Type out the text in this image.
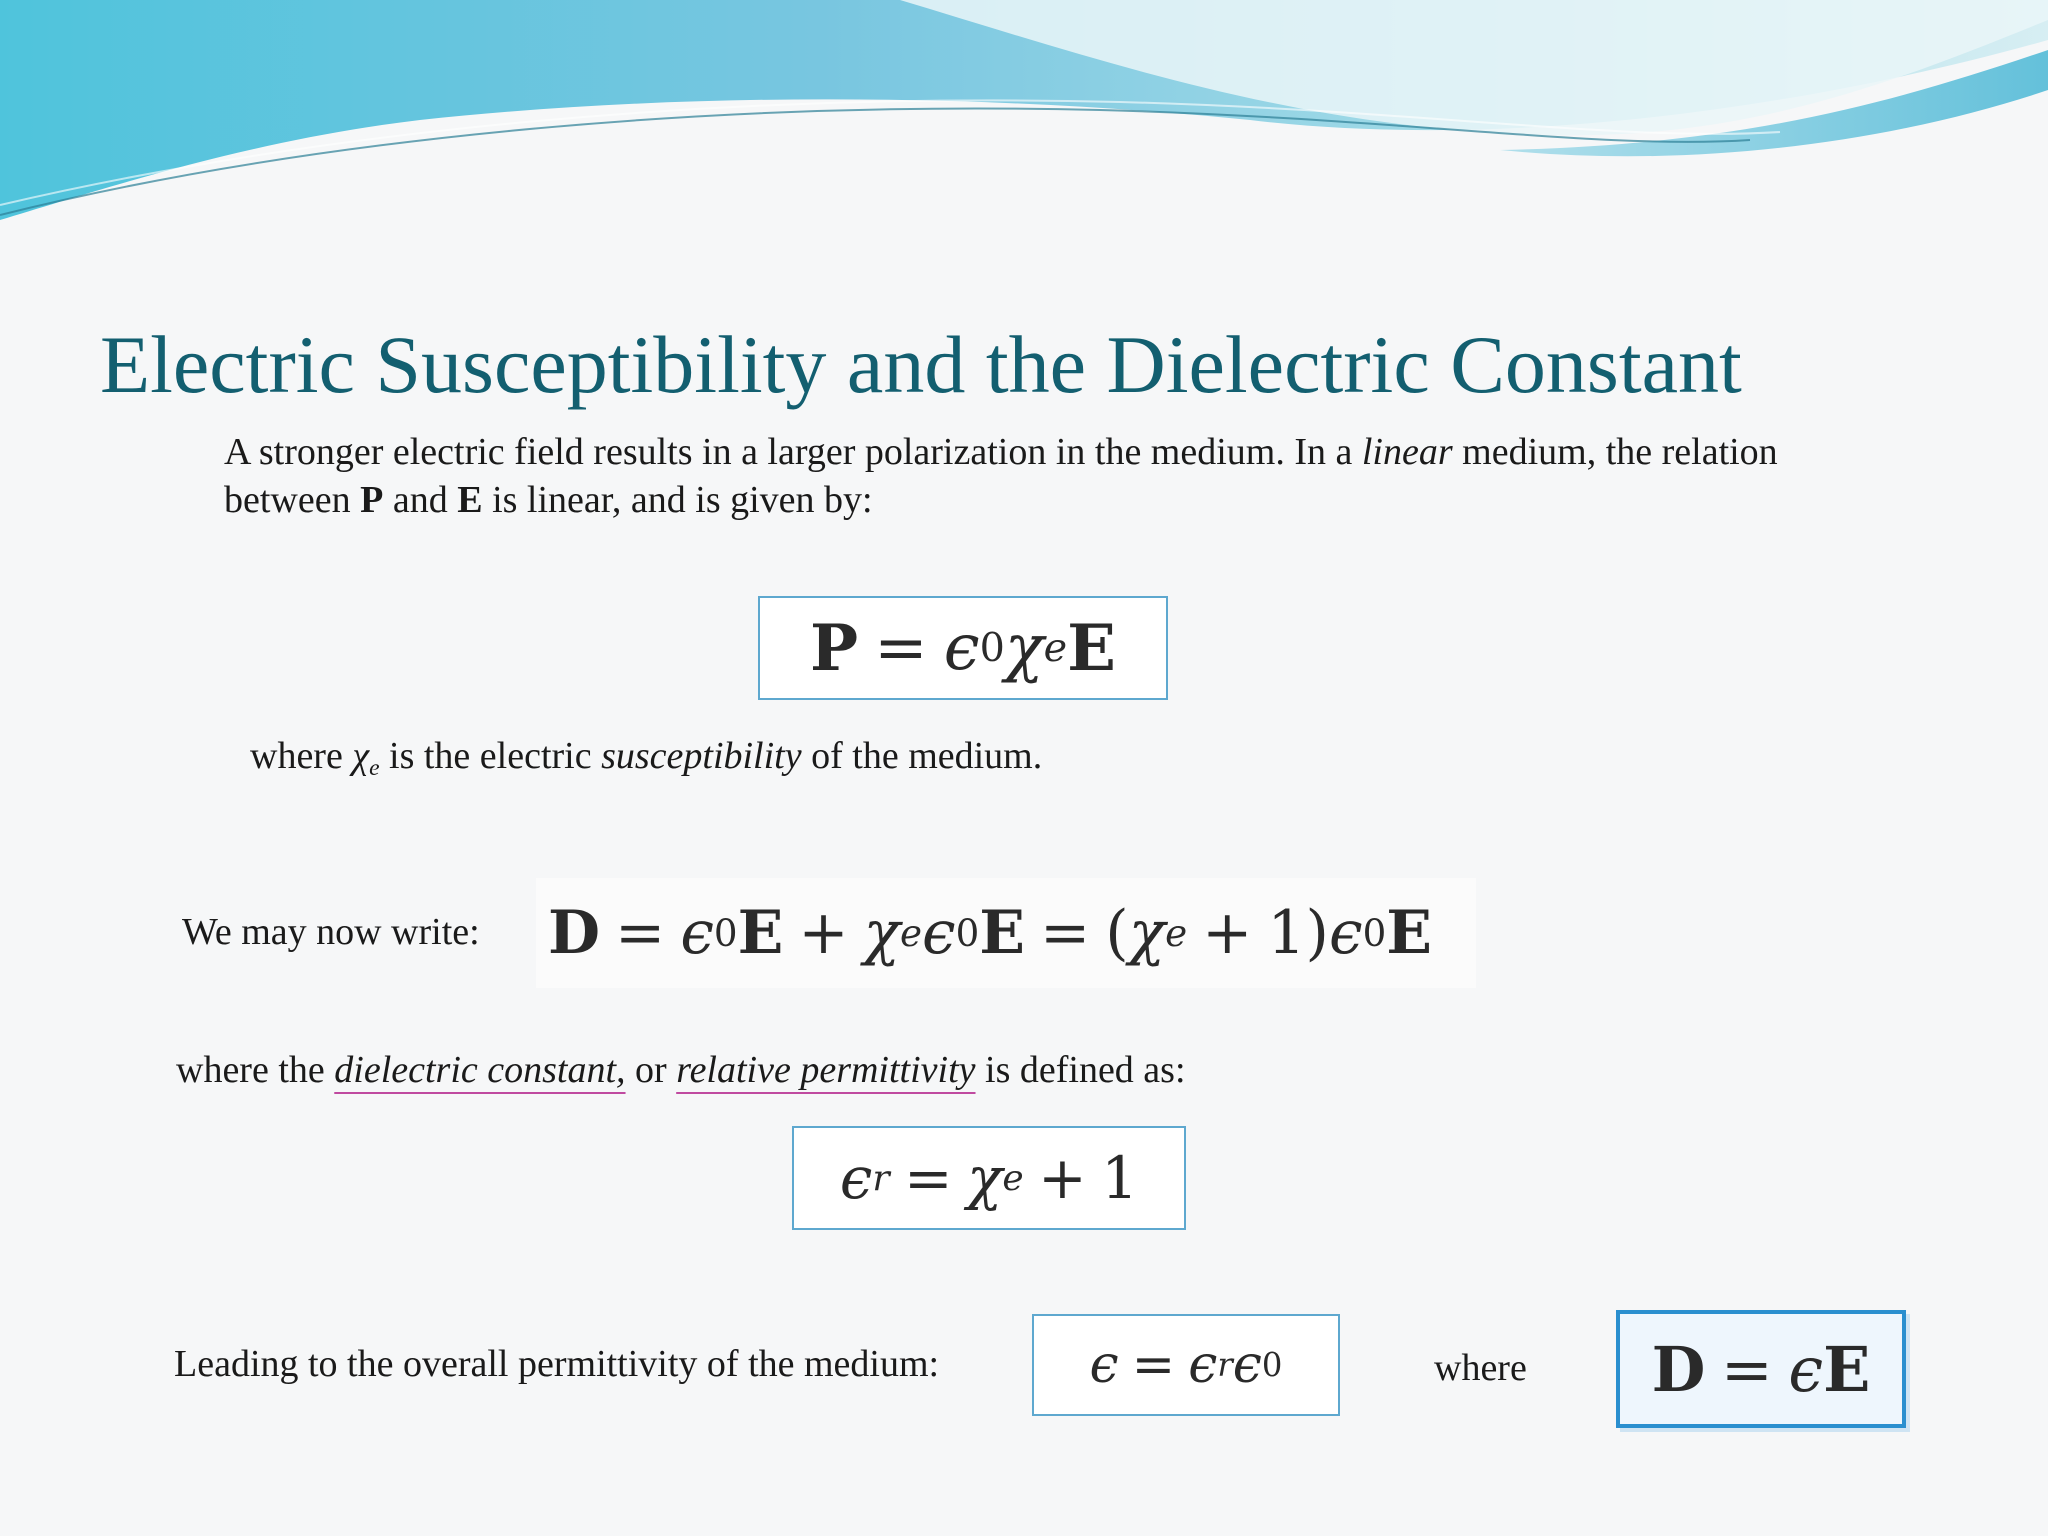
Electric Susceptibility and the Dielectric Constant
A stronger electric field results in a larger polarization in the medium. In a linear medium, the relation
between P and E is linear, and is given by:
P = ϵ 0 χ e E
where $\chi_e$ is the electric susceptibility of the medium.
We may now write: D = ϵ 0 E + χ e ϵ 0 E = ( χ e + 1 ) ϵ 0 E
where the dielectric constant, or relative permittivity is defined as:
ϵ r = χ e + 1
Leading to the overall permittivity of the medium:	ϵ = ϵ r ϵ 0	where D = ϵ E
